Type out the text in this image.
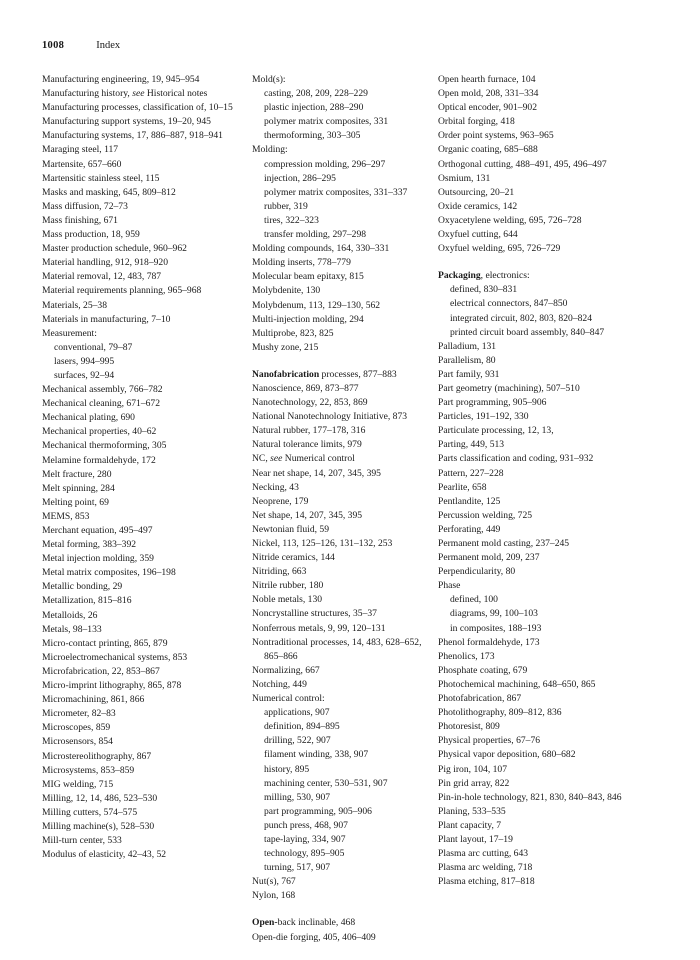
1008	Index
Manufacturing engineering, 19, 945–954
Manufacturing history, see Historical notes
Manufacturing processes, classification of, 10–15
Manufacturing support systems, 19–20, 945
Manufacturing systems, 17, 886–887, 918–941
Maraging steel, 117
Martensite, 657–660
Martensitic stainless steel, 115
Masks and masking, 645, 809–812
Mass diffusion, 72–73
Mass finishing, 671
Mass production, 18, 959
Master production schedule, 960–962
Material handling, 912, 918–920
Material removal, 12, 483, 787
Material requirements planning, 965–968
Materials, 25–38
Materials in manufacturing, 7–10
Measurement:
conventional, 79–87
lasers, 994–995
surfaces, 92–94
Mechanical assembly, 766–782
Mechanical cleaning, 671–672
Mechanical plating, 690
Mechanical properties, 40–62
Mechanical thermoforming, 305
Melamine formaldehyde, 172
Melt fracture, 280
Melt spinning, 284
Melting point, 69
MEMS, 853
Merchant equation, 495–497
Metal forming, 383–392
Metal injection molding, 359
Metal matrix composites, 196–198
Metallic bonding, 29
Metallization, 815–816
Metalloids, 26
Metals, 98–133
Micro-contact printing, 865, 879
Microelectromechanical systems, 853
Microfabrication, 22, 853–867
Micro-imprint lithography, 865, 878
Micromachining, 861, 866
Micrometer, 82–83
Microscopes, 859
Microsensors, 854
Microstereolithography, 867
Microsystems, 853–859
MIG welding, 715
Milling, 12, 14, 486, 523–530
Milling cutters, 574–575
Milling machine(s), 528–530
Mill-turn center, 533
Modulus of elasticity, 42–43, 52
Mold(s):
casting, 208, 209, 228–229
plastic injection, 288–290
polymer matrix composites, 331
thermoforming, 303–305
Molding:
compression molding, 296–297
injection, 286–295
polymer matrix composites, 331–337
rubber, 319
tires, 322–323
transfer molding, 297–298
Molding compounds, 164, 330–331
Molding inserts, 778–779
Molecular beam epitaxy, 815
Molybdenite, 130
Molybdenum, 113, 129–130, 562
Multi-injection molding, 294
Multiprobe, 823, 825
Mushy zone, 215
Nanofabrication processes, 877–883
Nanoscience, 869, 873–877
Nanotechnology, 22, 853, 869
National Nanotechnology Initiative, 873
Natural rubber, 177–178, 316
Natural tolerance limits, 979
NC, see Numerical control
Near net shape, 14, 207, 345, 395
Necking, 43
Neoprene, 179
Net shape, 14, 207, 345, 395
Newtonian fluid, 59
Nickel, 113, 125–126, 131–132, 253
Nitride ceramics, 144
Nitriding, 663
Nitrile rubber, 180
Noble metals, 130
Noncrystalline structures, 35–37
Nonferrous metals, 9, 99, 120–131
Nontraditional processes, 14, 483, 628–652, 865–866
Normalizing, 667
Notching, 449
Numerical control:
applications, 907
definition, 894–895
drilling, 522, 907
filament winding, 338, 907
history, 895
machining center, 530–531, 907
milling, 530, 907
part programming, 905–906
punch press, 468, 907
tape-laying, 334, 907
technology, 895–905
turning, 517, 907
Nut(s), 767
Nylon, 168
Open-back inclinable, 468
Open-die forging, 405, 406–409
Open hearth furnace, 104
Open mold, 208, 331–334
Optical encoder, 901–902
Orbital forging, 418
Order point systems, 963–965
Organic coating, 685–688
Orthogonal cutting, 488–491, 495, 496–497
Osmium, 131
Outsourcing, 20–21
Oxide ceramics, 142
Oxyacetylene welding, 695, 726–728
Oxyfuel cutting, 644
Oxyfuel welding, 695, 726–729
Packaging, electronics:
defined, 830–831
electrical connectors, 847–850
integrated circuit, 802, 803, 820–824
printed circuit board assembly, 840–847
Palladium, 131
Parallelism, 80
Part family, 931
Part geometry (machining), 507–510
Part programming, 905–906
Particles, 191–192, 330
Particulate processing, 12, 13,
Parting, 449, 513
Parts classification and coding, 931–932
Pattern, 227–228
Pearlite, 658
Pentlandite, 125
Percussion welding, 725
Perforating, 449
Permanent mold casting, 237–245
Permanent mold, 209, 237
Perpendicularity, 80
Phase
defined, 100
diagrams, 99, 100–103
in composites, 188–193
Phenol formaldehyde, 173
Phenolics, 173
Phosphate coating, 679
Photochemical machining, 648–650, 865
Photofabrication, 867
Photolithography, 809–812, 836
Photoresist, 809
Physical properties, 67–76
Physical vapor deposition, 680–682
Pig iron, 104, 107
Pin grid array, 822
Pin-in-hole technology, 821, 830, 840–843, 846
Planing, 533–535
Plant capacity, 7
Plant layout, 17–19
Plasma arc cutting, 643
Plasma arc welding, 718
Plasma etching, 817–818
